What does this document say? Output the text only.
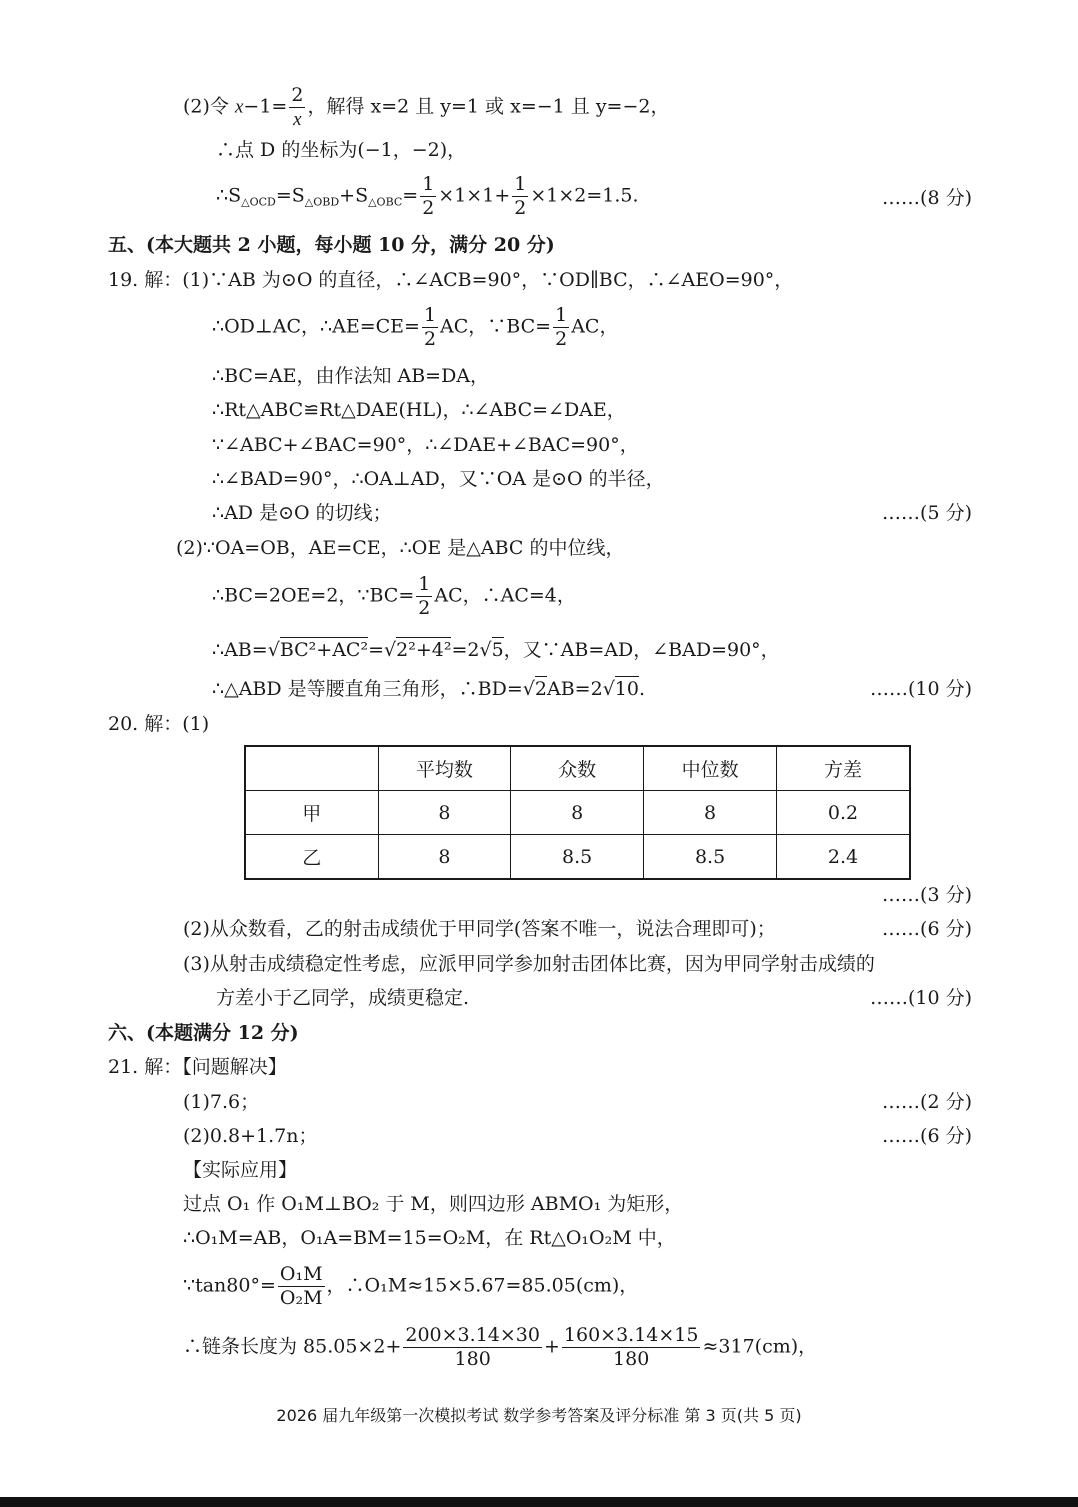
(2)令 $x-1= \frac{2}{x}$ ，解得 x=2 且 y=1 或 x=−1 且 y=−2，
∴点 D 的坐标为(−1，−2)，
$\therefore S_{\triangle OCD}=S_{\triangle OBD}+S_{\triangle OBC}= \frac{1}{2} \times 1\times 1+ \frac{1}{2} \times 1\times 2=1.5$.	……(8 分)
五、(本大题共 2 小题，每小题 10 分，满分 20 分)
19. 解：(1)∵AB 为⊙O 的直径，∴∠ACB=90°，∵OD∥BC，∴∠AEO=90°，
∴OD⊥AC，∴AE=CE= $\frac{1}{2}$ AC，∵BC= $\frac{1}{2}$ AC，
∴BC=AE，由作法知 AB=DA，
∴Rt△ABC≌Rt△DAE(HL)，∴∠ABC=∠DAE，
∵∠ABC+∠BAC=90°，∴∠DAE+∠BAC=90°，
∴∠BAD=90°，∴OA⊥AD，又∵OA 是⊙O 的半径，
∴AD 是⊙O 的切线；	……(5 分)
(2)∵OA=OB，AE=CE，∴OE 是△ABC 的中位线，
∴BC=2OE=2，∵BC= $\frac{1}{2}$ AC，∴AC=4，
∴AB=√BC²+AC²=√2²+4²=2√5，又∵AB=AD，∠BAD=90°，
∴△ABD 是等腰直角三角形，∴BD=√2AB=2√10.	……(10 分)
20. 解：(1)
	平均数	众数	中位数	方差
甲	8	8	8	0.2
乙	8	8.5	8.5	2.4
……(3 分)
(2)从众数看，乙的射击成绩优于甲同学(答案不唯一，说法合理即可)；	……(6 分)
(3)从射击成绩稳定性考虑，应派甲同学参加射击团体比赛，因为甲同学射击成绩的
方差小于乙同学，成绩更稳定.	……(10 分)
六、(本题满分 12 分)
21. 解：【问题解决】
(1)7.6；	……(2 分)
(2)0.8+1.7n；	……(6 分)
【实际应用】
过点 O₁ 作 O₁M⊥BO₂ 于 M，则四边形 ABMO₁ 为矩形，
∴O₁M=AB，O₁A=BM=15=O₂M，在 Rt△O₁O₂M 中，
∵tan80°= $\frac{\text{O₁M}}{\text{O₂M}}$ ，∴O₁M≈15×5.67=85.05(cm)，
∴链条长度为 $85.05\times 2+ \frac{200\times 3.14\times 30}{180} + \frac{160\times 3.14\times 15}{180} \approx 317(cm)$，
2026 届九年级第一次模拟考试 数学参考答案及评分标准 第 3 页(共 5 页)
